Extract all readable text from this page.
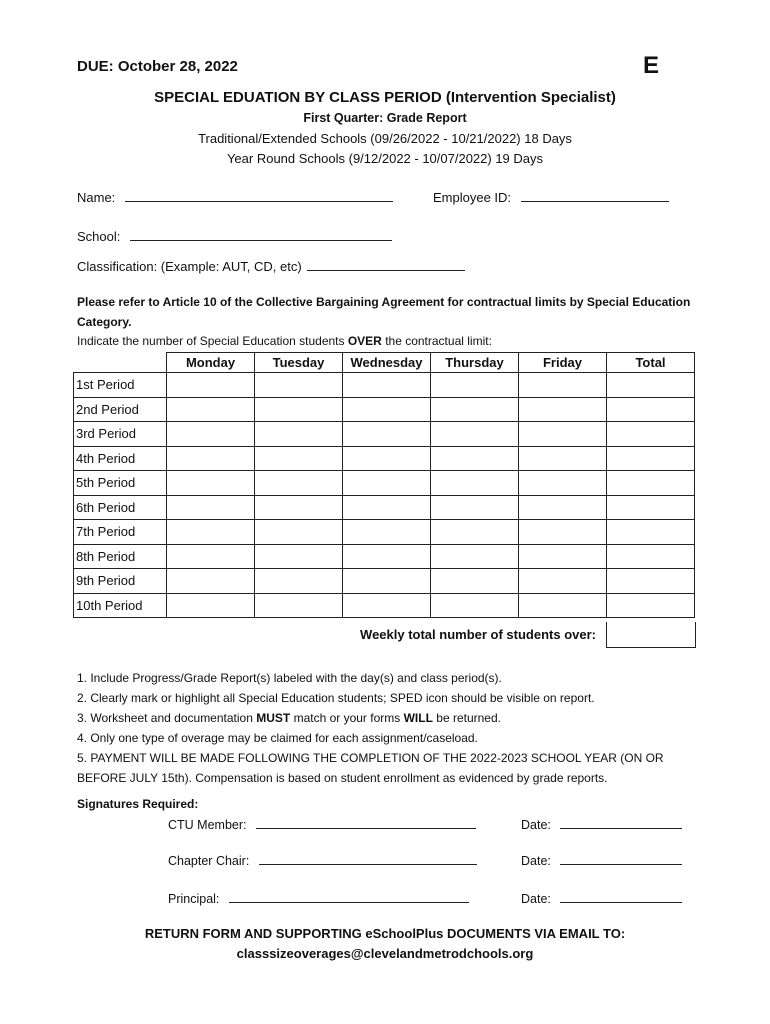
DUE: October 28, 2022	E
SPECIAL EDUATION BY CLASS PERIOD (Intervention Specialist)
First Quarter: Grade Report
Traditional/Extended Schools (09/26/2022 - 10/21/2022) 18 Days
Year Round Schools (9/12/2022 - 10/07/2022) 19 Days
Name:	Employee ID:
School:
Classification: (Example: AUT, CD, etc)
Please refer to Article 10 of the Collective Bargaining Agreement for contractual limits by Special Education Category.
Indicate the number of Special Education students OVER the contractual limit:
	Monday	Tuesday	Wednesday	Thursday	Friday	Total
1st Period						
2nd Period						
3rd Period						
4th Period						
5th Period						
6th Period						
7th Period						
8th Period						
9th Period						
10th Period						
Weekly total number of students over:
1. Include Progress/Grade Report(s) labeled with the day(s) and class period(s).
2. Clearly mark or highlight all Special Education students; SPED icon should be visible on report.
3. Worksheet and documentation MUST match or your forms WILL be returned.
4. Only one type of overage may be claimed for each assignment/caseload.
5. PAYMENT WILL BE MADE FOLLOWING THE COMPLETION OF THE 2022-2023 SCHOOL YEAR (ON OR
BEFORE JULY 15th). Compensation is based on student enrollment as evidenced by grade reports.
Signatures Required:
CTU Member:	Date:
Chapter Chair:	Date:
Principal:	Date:
RETURN FORM AND SUPPORTING eSchoolPlus DOCUMENTS VIA EMAIL TO:
classsizeoverages@clevelandmetrodchools.org
